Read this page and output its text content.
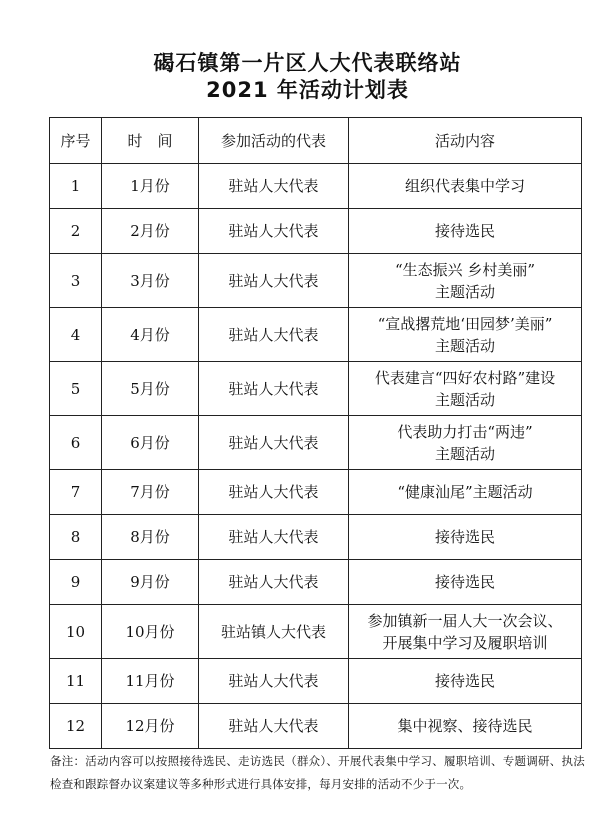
碣石镇第一片区人大代表联络站
2021 年活动计划表
序号	时　间	参加活动的代表	活动内容
1	1月份	驻站人大代表	组织代表集中学习

2	2月份	驻站人大代表	接待选民

3	3月份	驻站人大代表	“生态振兴 乡村美丽”
主题活动

4	4月份	驻站人大代表	“宣战撂荒地‘田园梦’美丽”
主题活动

5	5月份	驻站人大代表	代表建言“四好农村路”建设
主题活动

6	6月份	驻站人大代表	代表助力打击“两违”
主题活动

7	7月份	驻站人大代表	“健康汕尾”主题活动

8	8月份	驻站人大代表	接待选民

9	9月份	驻站人大代表	接待选民

10	10月份	驻站镇人大代表	参加镇新一届人大一次会议、
开展集中学习及履职培训

11	11月份	驻站人大代表	接待选民

12	12月份	驻站人大代表	集中视察、接待选民
备注：活动内容可以按照接待选民、走访选民（群众）、开展代表集中学习、履职培训、专题调研、执法检查和跟踪督办议案建议等多种形式进行具体安排，每月安排的活动不少于一次。
